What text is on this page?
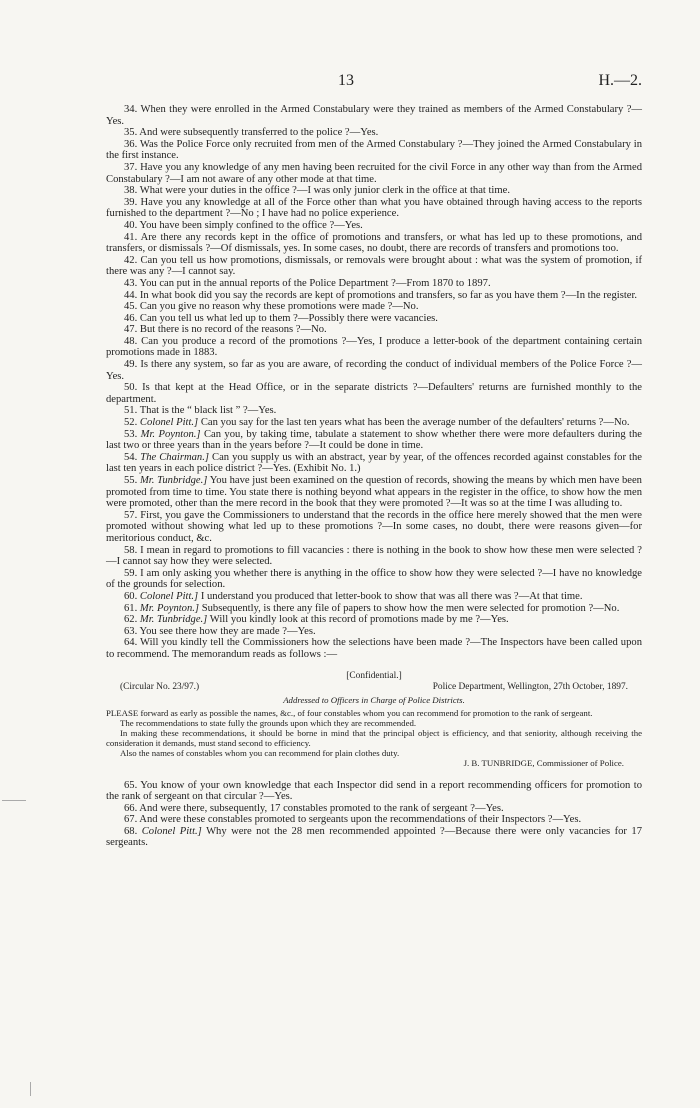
13	H.—2.

34. When they were enrolled in the Armed Constabulary were they trained as members of the Armed Constabulary ?—Yes.

35. And were subsequently transferred to the police ?—Yes.

36. Was the Police Force only recruited from men of the Armed Constabulary ?—They joined the Armed Constabulary in the first instance.

37. Have you any knowledge of any men having been recruited for the civil Force in any other way than from the Armed Constabulary ?—I am not aware of any other mode at that time.

38. What were your duties in the office ?—I was only junior clerk in the office at that time.

39. Have you any knowledge at all of the Force other than what you have obtained through having access to the reports furnished to the department ?—No ; I have had no police experience.

40. You have been simply confined to the office ?—Yes.

41. Are there any records kept in the office of promotions and transfers, or what has led up to these promotions, and transfers, or dismissals ?—Of dismissals, yes. In some cases, no doubt, there are records of transfers and promotions too.

42. Can you tell us how promotions, dismissals, or removals were brought about : what was the system of promotion, if there was any ?—I cannot say.

43. You can put in the annual reports of the Police Department ?—From 1870 to 1897.

44. In what book did you say the records are kept of promotions and transfers, so far as you have them ?—In the register.

45. Can you give no reason why these promotions were made ?—No.

46. Can you tell us what led up to them ?—Possibly there were vacancies.

47. But there is no record of the reasons ?—No.

48. Can you produce a record of the promotions ?—Yes, I produce a letter-book of the department containing certain promotions made in 1883.

49. Is there any system, so far as you are aware, of recording the conduct of individual members of the Police Force ?—Yes.

50. Is that kept at the Head Office, or in the separate districts ?—Defaulters' returns are furnished monthly to the department.

51. That is the “ black list ” ?—Yes.

52. Colonel Pitt.] Can you say for the last ten years what has been the average number of the defaulters' returns ?—No.

53. Mr. Poynton.] Can you, by taking time, tabulate a statement to show whether there were more defaulters during the last two or three years than in the years before ?—It could be done in time.

54. The Chairman.] Can you supply us with an abstract, year by year, of the offences recorded against constables for the last ten years in each police district ?—Yes. (Exhibit No. 1.)

55. Mr. Tunbridge.] You have just been examined on the question of records, showing the means by which men have been promoted from time to time. You state there is nothing beyond what appears in the register in the office, to show how the men were promoted, other than the mere record in the book that they were promoted ?—It was so at the time I was alluding to.

57. First, you gave the Commissioners to understand that the records in the office here merely showed that the men were promoted without showing what led up to these promotions ?—In some cases, no doubt, there were reasons given—for meritorious conduct, &c.

58. I mean in regard to promotions to fill vacancies : there is nothing in the book to show how these men were selected ?—I cannot say how they were selected.

59. I am only asking you whether there is anything in the office to show how they were selected ?—I have no knowledge of the grounds for selection.

60. Colonel Pitt.] I understand you produced that letter-book to show that was all there was ?—At that time.

61. Mr. Poynton.] Subsequently, is there any file of papers to show how the men were selected for promotion ?—No.

62. Mr. Tunbridge.] Will you kindly look at this record of promotions made by me ?—Yes.

63. You see there how they are made ?—Yes.

64. Will you kindly tell the Commissioners how the selections have been made ?—The Inspectors have been called upon to recommend. The memorandum reads as follows :—

[Confidential.]
(Circular No. 23/97.)	Police Department, Wellington, 27th October, 1897.
Addressed to Officers in Charge of Police Districts.

PLEASE forward as early as possible the names, &c., of four constables whom you can recommend for promotion to the rank of sergeant.

The recommendations to state fully the grounds upon which they are recommended.

In making these recommendations, it should be borne in mind that the principal object is efficiency, and that seniority, although receiving the consideration it demands, must stand second to efficiency.

Also the names of constables whom you can recommend for plain clothes duty.

J. B. TUNBRIDGE, Commissioner of Police.

65. You know of your own knowledge that each Inspector did send in a report recommending officers for promotion to the rank of sergeant on that circular ?—Yes.

66. And were there, subsequently, 17 constables promoted to the rank of sergeant ?—Yes.

67. And were these constables promoted to sergeants upon the recommendations of their Inspectors ?—Yes.

68. Colonel Pitt.] Why were not the 28 men recommended appointed ?—Because there were only vacancies for 17 sergeants.
